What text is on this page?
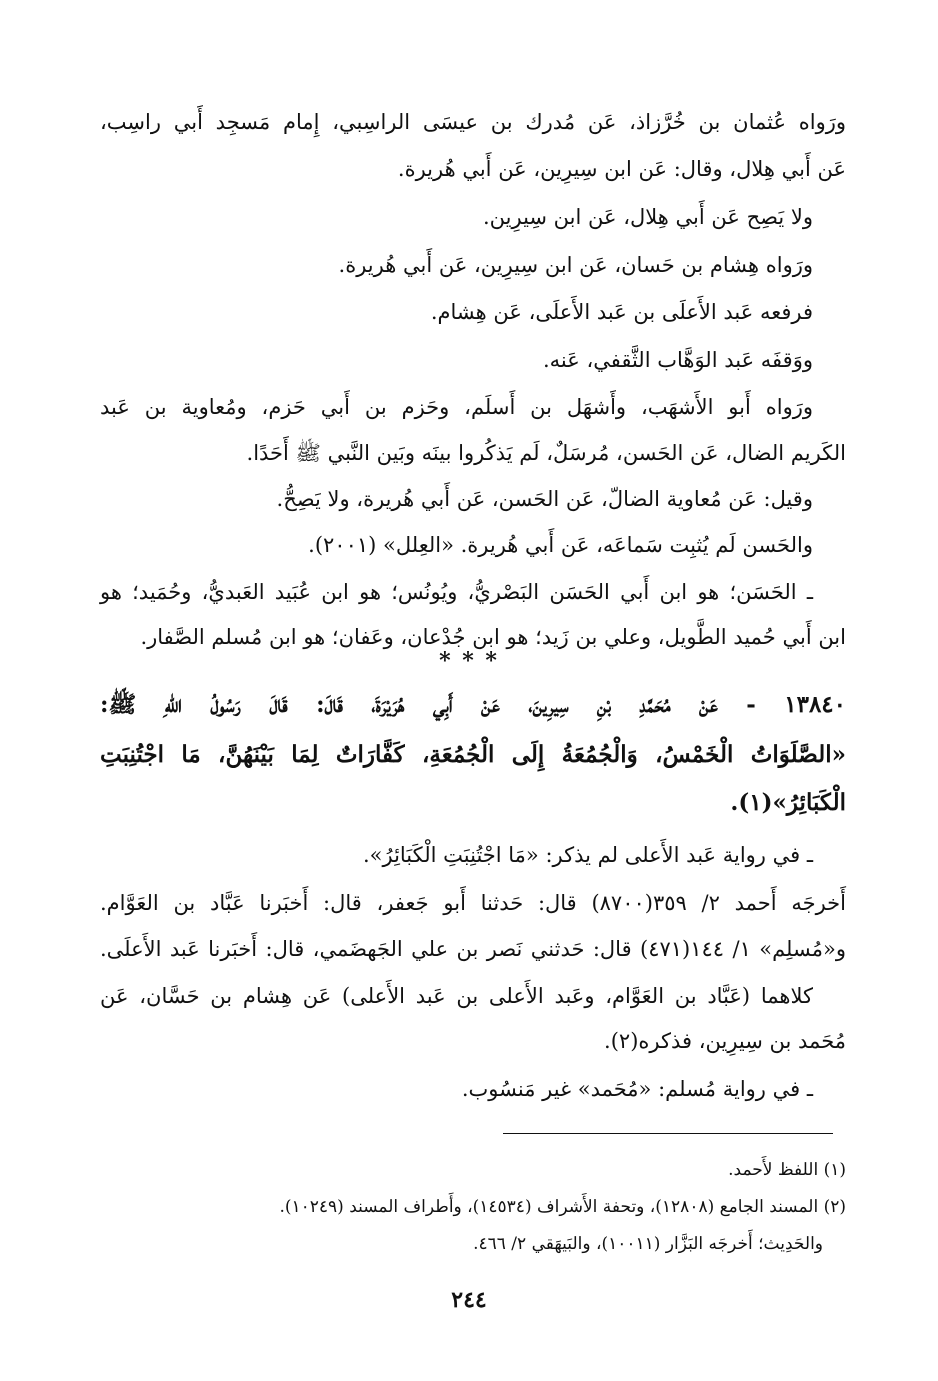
ورَواه عُثمان بن خُرَّزاذ، عَن مُدرك بن عيسَى الراسِبي، إِمام مَسجِد أَبي راسِب،
عَن أَبي هِلال، وقال: عَن ابن سِيرِين، عَن أَبي هُريرة.
ولا يَصِح عَن أَبي هِلال، عَن ابن سِيرِين.
ورَواه هِشام بن حَسان، عَن ابن سِيرِين، عَن أَبي هُريرة.
فرفعه عَبد الأَعلَى بن عَبد الأَعلَى، عَن هِشام.
ووَقفَه عَبد الوَهَّاب الثَّقفي، عَنه.
ورَواه أَبو الأَشهَب، وأَشهَل بن أَسلَم، وحَزم بن أَبي حَزم، ومُعاوية بن عَبد
الكَريم الضال، عَن الحَسن، مُرسَلٌ، لَم يَذكُروا بينَه وبَين النَّبي ﷺ أَحَدًا.
وقيل: عَن مُعاوية الضالّ، عَن الحَسن، عَن أَبي هُريرة، ولا يَصِحُّ.
والحَسن لَم يُثبِت سَماعَه، عَن أَبي هُريرة. «العِلل» (٢٠٠١).
ـ الحَسَن؛ هو ابن أَبي الحَسَن البَصْريُّ، ويُونُس؛ هو ابن عُبَيد العَبديُّ، وحُمَيد؛ هو
ابن أَبي حُميد الطَّويل، وعلي بن زَيد؛ هو ابن جُدْعان، وعَفان؛ هو ابن مُسلم الصَّفار.
* * *
١٣٨٤٠ - عَنْ مُحَمَّدِ بْنِ سِيرِينَ، عَنْ أَبِي هُرَيْرَةَ، قَالَ: قَالَ رَسُولُ اللهِ ﷺ:
«الصَّلَوَاتُ الْخَمْسُ، وَالْجُمُعَةُ إِلَى الْجُمُعَةِ، كَفَّارَاتٌ لِمَا بَيْنَهُنَّ، مَا اجْتُنِبَتِ
الْكَبَائِرُ»(١).
ـ في رواية عَبد الأَعلى لم يذكر: «مَا اجْتُنِبَتِ الْكَبَائِرُ».
أَخرجَه أَحمد ٢/ ٣٥٩(٨٧٠٠) قال: حَدثنا أَبو جَعفر، قال: أَخبَرنا عَبَّاد بن العَوَّام.
و«مُسلِم» ١/ ١٤٤(٤٧١) قال: حَدثني نَصر بن علي الجَهضَمي، قال: أَخبَرنا عَبد الأَعلَى.
كلاهما (عَبَّاد بن العَوَّام، وعَبد الأَعلى بن عَبد الأَعلى) عَن هِشام بن حَسَّان، عَن
مُحَمد بن سِيرِين، فذكره(٢).
ـ في رواية مُسلم: «مُحَمد» غير مَنسُوب.
(١) اللفظ لأَحمد.
(٢) المسند الجامع (١٢٨٠٨)، وتحفة الأَشراف (١٤٥٣٤)، وأَطراف المسند (١٠٢٤٩).
والحَدِيث؛ أَخرجَه البَزَّار (١٠٠١١)، والبَيهَقي ٢/ ٤٦٦.
٢٤٤
